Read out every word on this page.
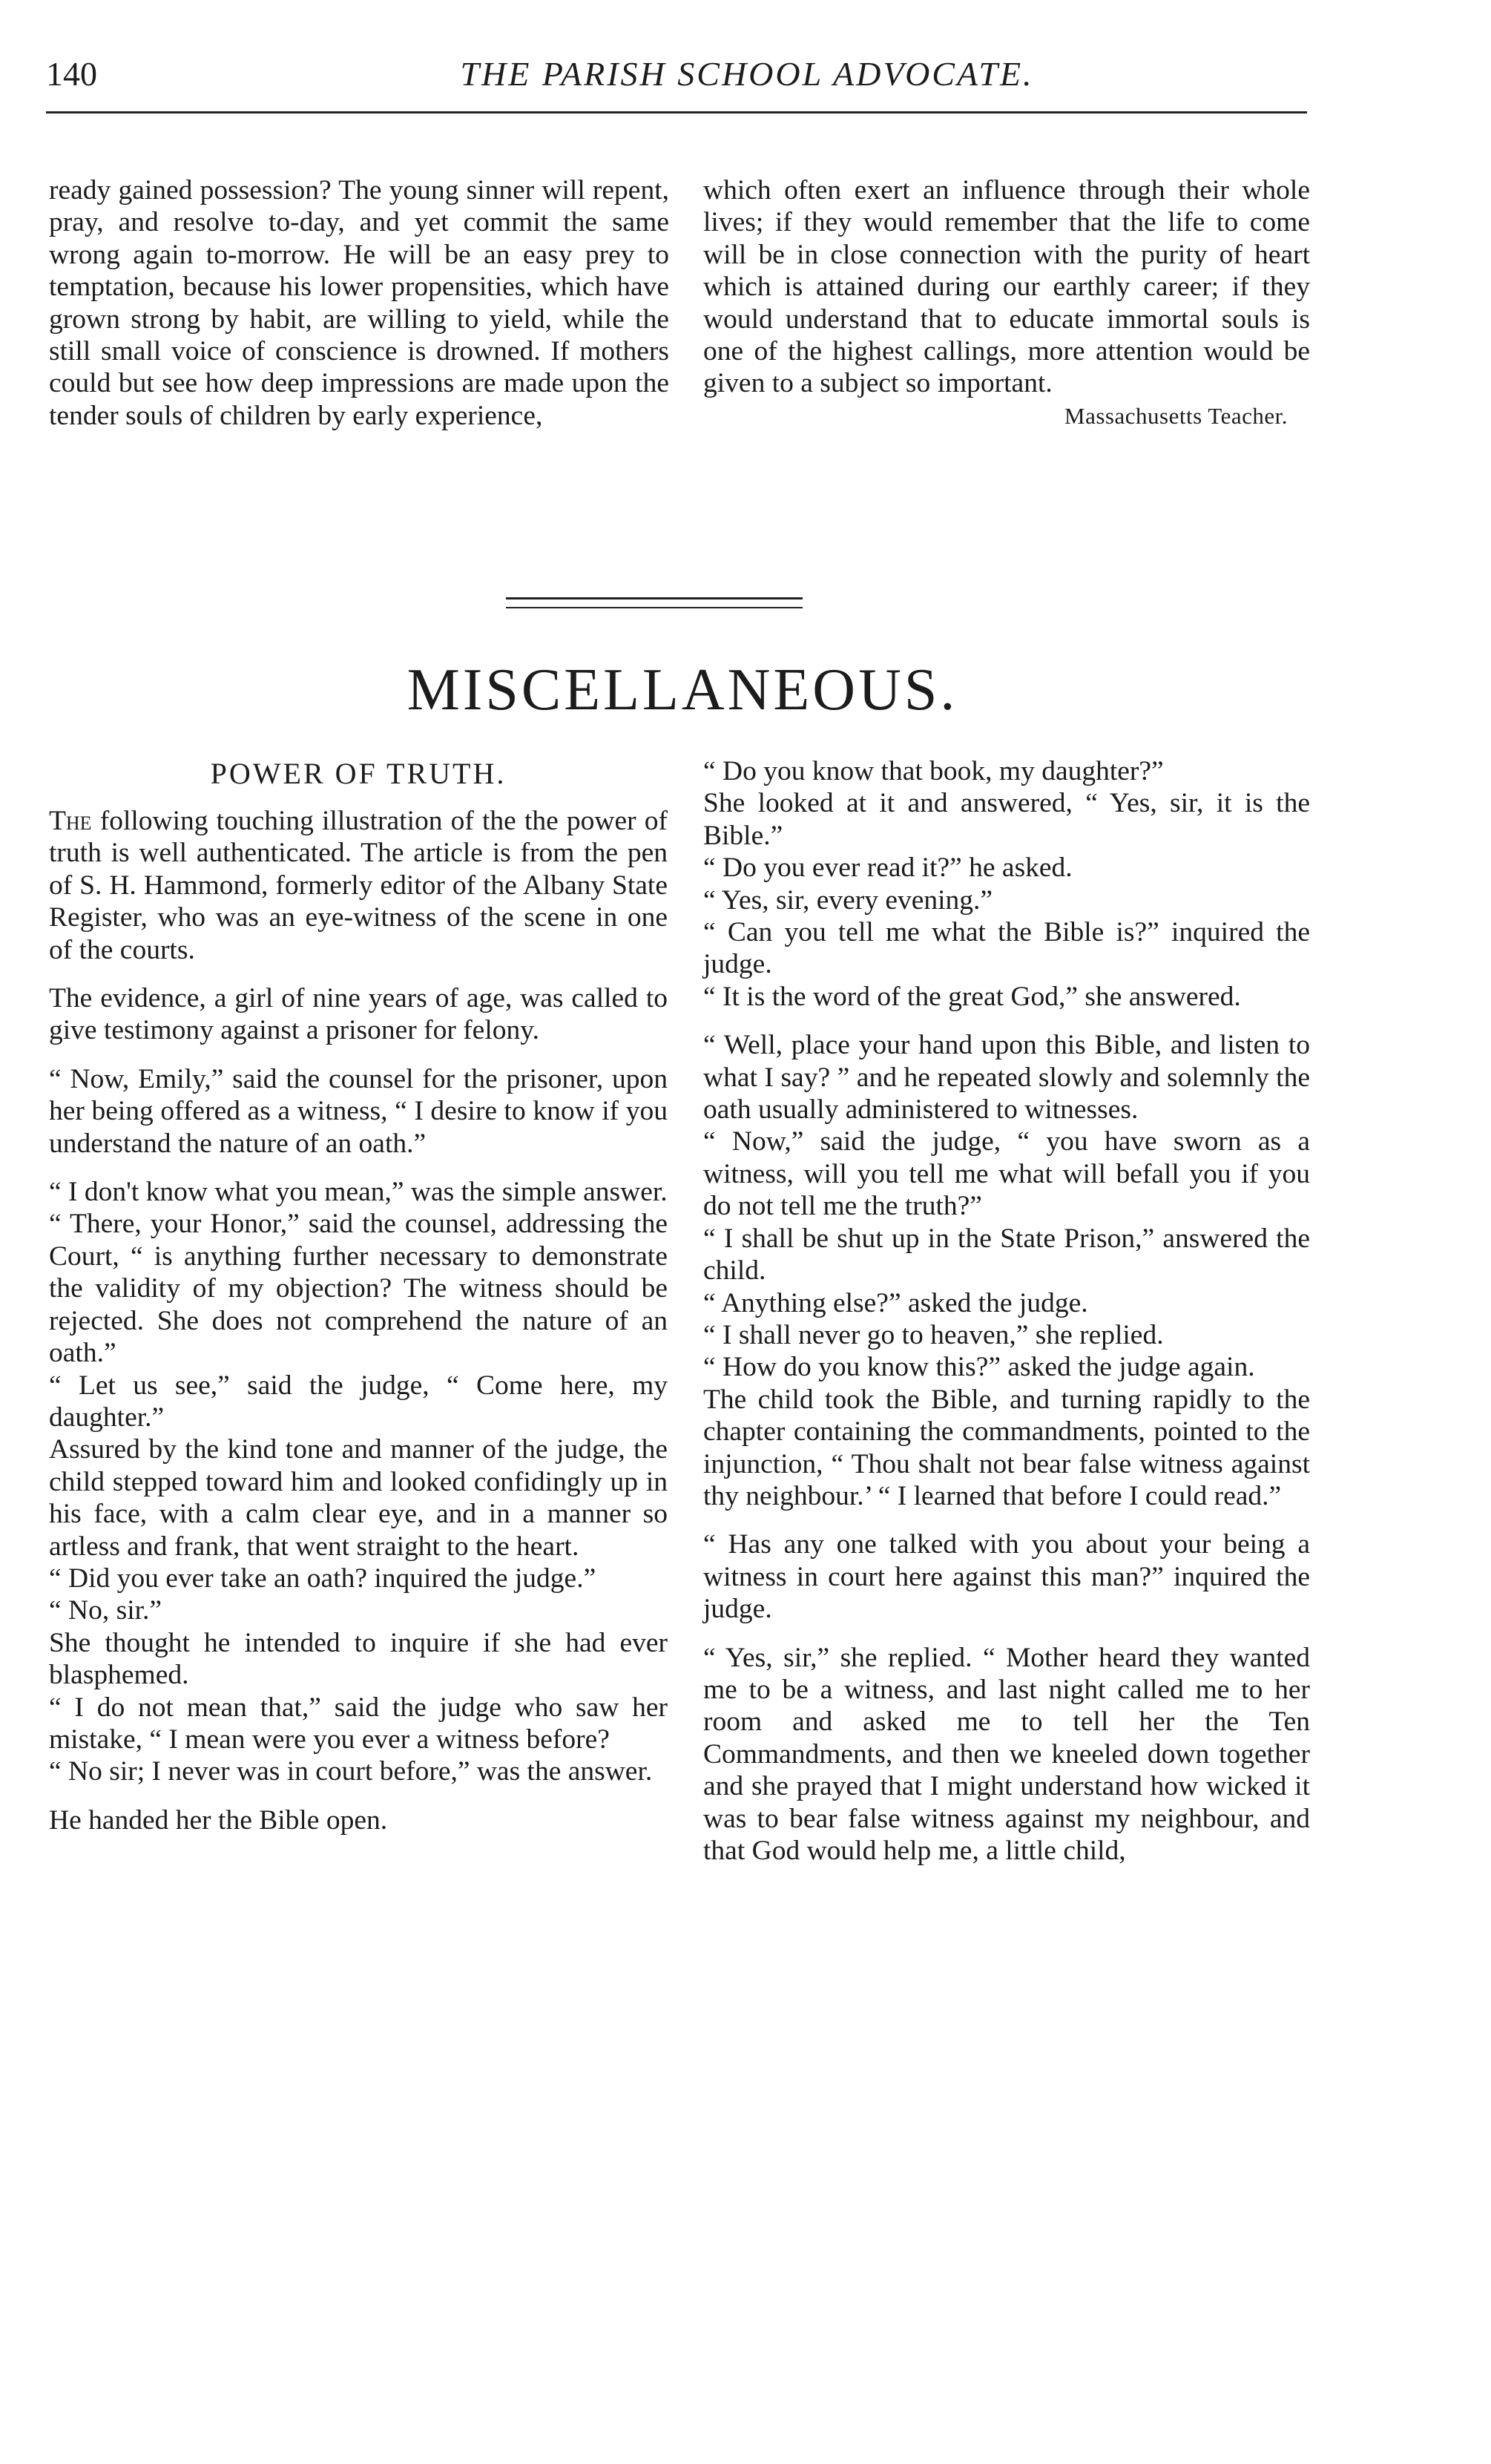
140	THE PARISH SCHOOL ADVOCATE.

ready gained possession? The young sinner will repent, pray, and resolve to-day, and yet commit the same wrong again to-morrow. He will be an easy prey to temptation, because his lower propensities, which have grown strong by habit, are willing to yield, while the still small voice of conscience is drowned. If mothers could but see how deep impressions are made upon the tender souls of children by early experience,

which often exert an influence through their whole lives; if they would remember that the life to come will be in close connection with the purity of heart which is attained during our earthly career; if they would understand that to educate immortal souls is one of the highest callings, more attention would be given to a subject so important.

Massachusetts Teacher.

MISCELLANEOUS.
POWER OF TRUTH.

The following touching illustration of the the power of truth is well authenticated. The article is from the pen of S. H. Hammond, formerly editor of the Albany State Register, who was an eye-witness of the scene in one of the courts.

The evidence, a girl of nine years of age, was called to give testimony against a prisoner for felony.

“ Now, Emily,” said the counsel for the prisoner, upon her being offered as a witness, “ I desire to know if you understand the nature of an oath.”

“ I don't know what you mean,” was the simple answer.

“ There, your Honor,” said the counsel, addressing the Court, “ is anything further necessary to demonstrate the validity of my objection? The witness should be rejected. She does not comprehend the nature of an oath.”

“ Let us see,” said the judge, “ Come here, my daughter.”

Assured by the kind tone and manner of the judge, the child stepped toward him and looked confidingly up in his face, with a calm clear eye, and in a manner so artless and frank, that went straight to the heart.

“ Did you ever take an oath? inquired the judge.”

“ No, sir.”

She thought he intended to inquire if she had ever blasphemed.

“ I do not mean that,” said the judge who saw her mistake, “ I mean were you ever a witness before?

“ No sir; I never was in court before,” was the answer.

He handed her the Bible open.

“ Do you know that book, my daughter?”

She looked at it and answered, “ Yes, sir, it is the Bible.”

“ Do you ever read it?” he asked.

“ Yes, sir, every evening.”

“ Can you tell me what the Bible is?” inquired the judge.

“ It is the word of the great God,” she answered.

“ Well, place your hand upon this Bible, and listen to what I say? ” and he repeated slowly and solemnly the oath usually administered to witnesses.

“ Now,” said the judge, “ you have sworn as a witness, will you tell me what will befall you if you do not tell me the truth?”

“ I shall be shut up in the State Prison,” answered the child.

“ Anything else?” asked the judge.

“ I shall never go to heaven,” she replied.

“ How do you know this?” asked the judge again.

The child took the Bible, and turning rapidly to the chapter containing the commandments, pointed to the injunction, “ Thou shalt not bear false witness against thy neighbour.’ “ I learned that before I could read.”

“ Has any one talked with you about your being a witness in court here against this man?” inquired the judge.

“ Yes, sir,” she replied. “ Mother heard they wanted me to be a witness, and last night called me to her room and asked me to tell her the Ten Commandments, and then we kneeled down together and she prayed that I might understand how wicked it was to bear false witness against my neighbour, and that God would help me, a little child,
